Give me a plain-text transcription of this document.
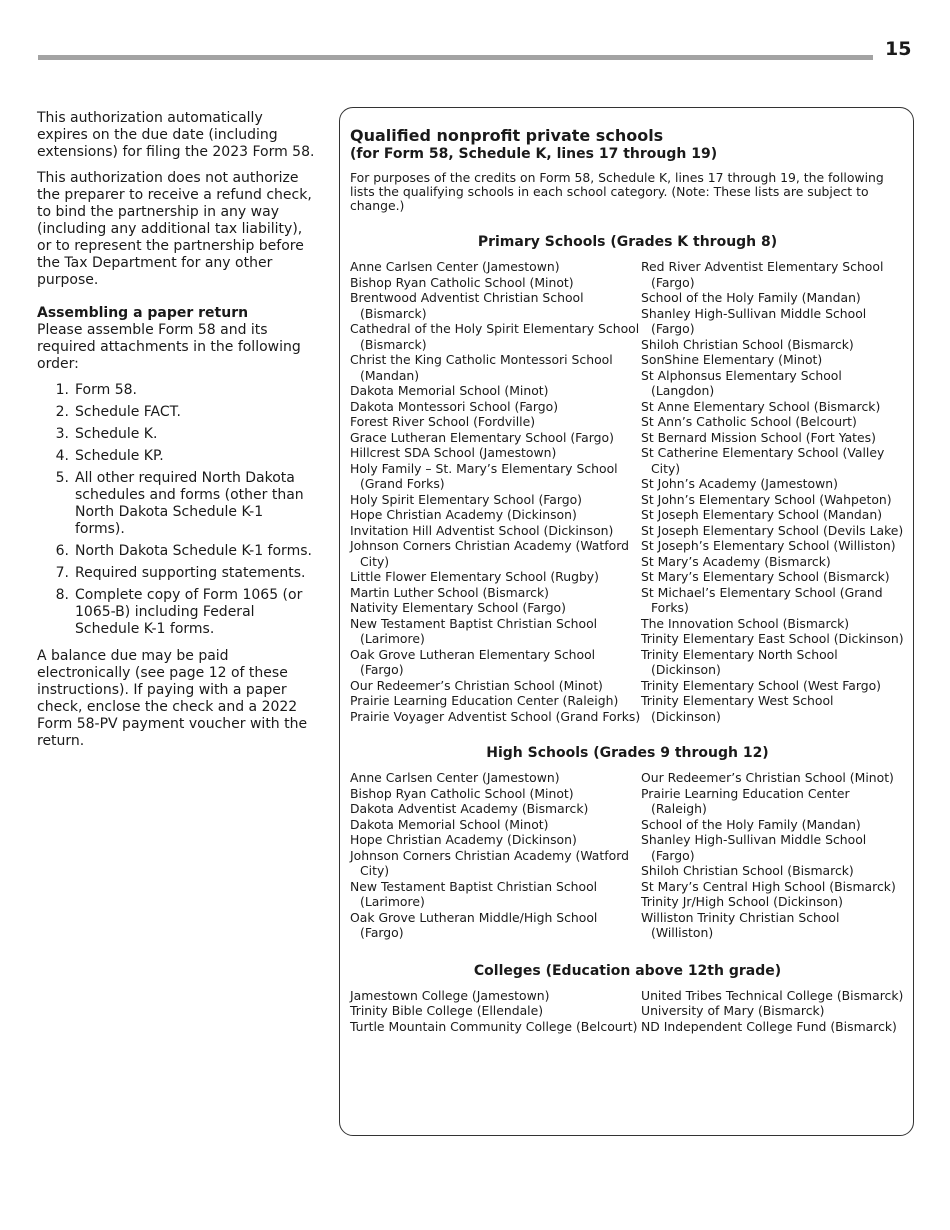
15

This authorization automatically expires on the due date (including extensions) for filing the 2023 Form 58.

This authorization does not authorize the preparer to receive a refund check, to bind the partnership in any way (including any additional tax liability), or to represent the partnership before the Tax Department for any other purpose.

Assembling a paper return

Please assemble Form 58 and its required attachments in the following order:

1. Form 58.
2. Schedule FACT.
3. Schedule K.
4. Schedule KP.
5. All other required North Dakota schedules and forms (other than North Dakota Schedule K-1 forms).
6. North Dakota Schedule K-1 forms.
7. Required supporting statements.
8. Complete copy of Form 1065 (or 1065-B) including Federal Schedule K-1 forms.

A balance due may be paid electronically (see page 12 of these instructions). If paying with a paper check, enclose the check and a 2022 Form 58-PV payment voucher with the return.

Qualified nonprofit private schools
(for Form 58, Schedule K, lines 17 through 19)
For purposes of the credits on Form 58, Schedule K, lines 17 through 19, the following lists the qualifying schools in each school category. (Note: These lists are subject to change.)
Primary Schools (Grades K through 8)
Anne Carlsen Center (Jamestown)
Bishop Ryan Catholic School (Minot)
Brentwood Adventist Christian School (Bismarck)
Cathedral of the Holy Spirit Elementary School (Bismarck)
Christ the King Catholic Montessori School (Mandan)
Dakota Memorial School (Minot)
Dakota Montessori School (Fargo)
Forest River School (Fordville)
Grace Lutheran Elementary School (Fargo)
Hillcrest SDA School (Jamestown)
Holy Family – St. Mary’s Elementary School (Grand Forks)
Holy Spirit Elementary School (Fargo)
Hope Christian Academy (Dickinson)
Invitation Hill Adventist School (Dickinson)
Johnson Corners Christian Academy (Watford City)
Little Flower Elementary School (Rugby)
Martin Luther School (Bismarck)
Nativity Elementary School (Fargo)
New Testament Baptist Christian School (Larimore)
Oak Grove Lutheran Elementary School (Fargo)
Our Redeemer’s Christian School (Minot)
Prairie Learning Education Center (Raleigh)
Prairie Voyager Adventist School (Grand Forks)
Red River Adventist Elementary School (Fargo)
School of the Holy Family (Mandan)
Shanley High-Sullivan Middle School (Fargo)
Shiloh Christian School (Bismarck)
SonShine Elementary (Minot)
St Alphonsus Elementary School (Langdon)
St Anne Elementary School (Bismarck)
St Ann’s Catholic School (Belcourt)
St Bernard Mission School (Fort Yates)
St Catherine Elementary School (Valley City)
St John’s Academy (Jamestown)
St John’s Elementary School (Wahpeton)
St Joseph Elementary School (Mandan)
St Joseph Elementary School (Devils Lake)
St Joseph’s Elementary School (Williston)
St Mary’s Academy (Bismarck)
St Mary’s Elementary School (Bismarck)
St Michael’s Elementary School (Grand Forks)
The Innovation School (Bismarck)
Trinity Elementary East School (Dickinson)
Trinity Elementary North School (Dickinson)
Trinity Elementary School (West Fargo)
Trinity Elementary West School (Dickinson)
High Schools (Grades 9 through 12)
Anne Carlsen Center (Jamestown)
Bishop Ryan Catholic School (Minot)
Dakota Adventist Academy (Bismarck)
Dakota Memorial School (Minot)
Hope Christian Academy (Dickinson)
Johnson Corners Christian Academy (Watford City)
New Testament Baptist Christian School (Larimore)
Oak Grove Lutheran Middle/High School (Fargo)
Our Redeemer’s Christian School (Minot)
Prairie Learning Education Center (Raleigh)
School of the Holy Family (Mandan)
Shanley High-Sullivan Middle School (Fargo)
Shiloh Christian School (Bismarck)
St Mary’s Central High School (Bismarck)
Trinity Jr/High School (Dickinson)
Williston Trinity Christian School (Williston)
Colleges (Education above 12th grade)
Jamestown College (Jamestown)
Trinity Bible College (Ellendale)
Turtle Mountain Community College (Belcourt)
United Tribes Technical College (Bismarck)
University of Mary (Bismarck)
ND Independent College Fund (Bismarck)
